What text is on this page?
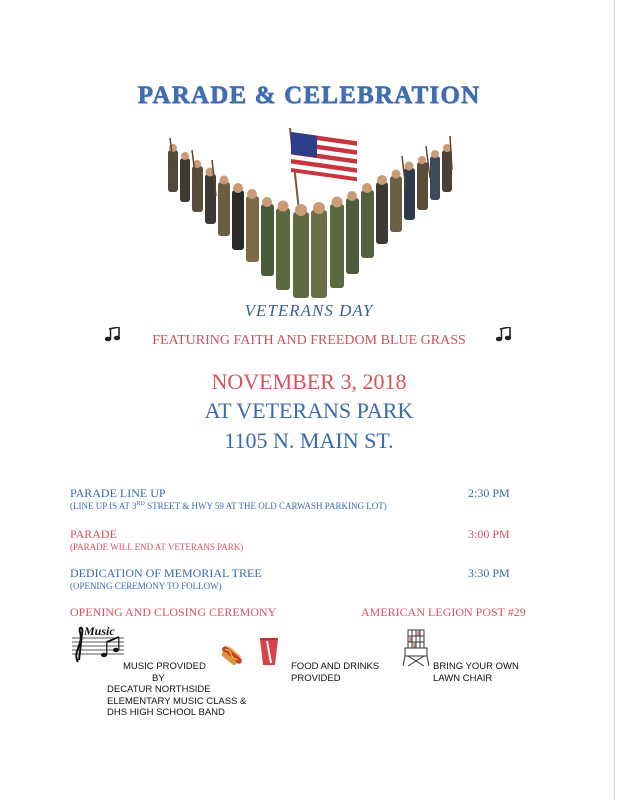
PARADE & CELEBRATION
VETERANS DAY
FEATURING FAITH AND FREEDOM BLUE GRASS
NOVEMBER 3, 2018
AT VETERANS PARK
1105 N. MAIN ST.
PARADE LINE UP
(LINE UP IS AT 3RD STREET & HWY 59 AT THE OLD CARWASH PARKING LOT)
2:30 PM
PARADE
(PARADE WILL END AT VETERANS PARK)
3:00 PM
DEDICATION OF MEMORIAL TREE
(OPENING CEREMONY TO FOLLOW)
3:30 PM
OPENING AND CLOSING CEREMONY	AMERICAN LEGION POST #29
Music
MUSIC PROVIDED
BY
DECATUR NORTHSIDE
ELEMENTARY MUSIC CLASS &
DHS HIGH SCHOOL BAND
FOOD AND DRINKS
PROVIDED
BRING YOUR OWN
LAWN CHAIR
